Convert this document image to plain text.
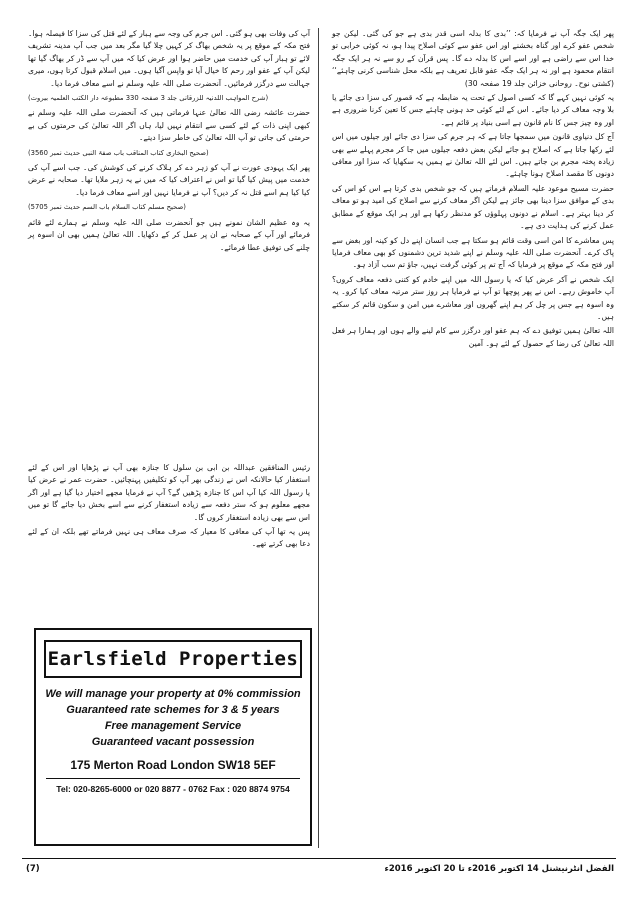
پھر ایک جگہ آپ نے فرمایا کہ: ’’بدی کا بدلہ اسی قدر بدی ہے جو کی گئی۔ لیکن جو شخص عفو کرے اور گناہ بخشنے اور اس عفو سے کوئی اصلاح پیدا ہو، نہ کوئی خرابی تو خدا اس سے راضی ہے اور اسے اس کا بدلہ دے گا۔ پس قرآن کے رو سے نہ ہر ایک جگہ انتقام محمود ہے اور نہ ہر ایک جگہ عفو قابل تعریف ہے بلکہ محل شناسی کرنی چاہئے‘‘ (کشتی نوح۔ روحانی خزائن جلد 19 صفحہ 30)

یہ کوئی نہیں کہے گا کہ کسی اصول کے تحت یہ ضابطہ ہے کہ قصور کی سزا دی جائے یا بلا وجہ معاف کر دیا جائے۔ اس کے لئے کوئی حد ہونی چاہئے جس کا تعین کرنا ضروری ہے اور وہ چیز جس کا نام قانون ہے اسی بنیاد پر قائم ہے۔

آج کل دنیاوی قانون میں سمجھا جاتا ہے کہ ہر جرم کی سزا دی جائے اور جیلوں میں اس لئے رکھا جاتا ہے کہ اصلاح ہو جائے لیکن بعض دفعہ جیلوں میں جا کر مجرم پہلے سے بھی زیادہ پختہ مجرم بن جاتے ہیں۔ اس لئے اللہ تعالیٰ نے ہمیں یہ سکھایا کہ سزا اور معافی دونوں کا مقصد اصلاح ہونا چاہئے۔

حضرت مسیح موعود علیہ السلام فرماتے ہیں کہ جو شخص بدی کرتا ہے اس کو اس کی بدی کے موافق سزا دینا بھی جائز ہے لیکن اگر معاف کرنے سے اصلاح کی امید ہو تو معاف کر دینا بہتر ہے۔ اسلام نے دونوں پہلوؤں کو مدنظر رکھا ہے اور ہر ایک موقع کے مطابق عمل کرنے کی ہدایت دی ہے۔

پس معاشرے کا امن اسی وقت قائم ہو سکتا ہے جب انسان اپنے دل کو کینہ اور بغض سے پاک کرے۔ آنحضرت صلی اللہ علیہ وسلم نے اپنے شدید ترین دشمنوں کو بھی معاف فرمایا اور فتح مکہ کے موقع پر فرمایا کہ آج تم پر کوئی گرفت نہیں، جاؤ تم سب آزاد ہو۔

ایک شخص نے آکر عرض کیا کہ یا رسول اللہ میں اپنے خادم کو کتنی دفعہ معاف کروں؟ آپ خاموش رہے۔ اس نے پھر پوچھا تو آپ نے فرمایا ہر روز ستر مرتبہ معاف کیا کرو۔ یہ وہ اسوہ ہے جس پر چل کر ہم اپنے گھروں اور معاشرے میں امن و سکون قائم کر سکتے ہیں۔

اللہ تعالیٰ ہمیں توفیق دے کہ ہم عفو اور درگزر سے کام لینے والے ہوں اور ہمارا ہر فعل اللہ تعالیٰ کی رضا کے حصول کے لئے ہو۔ آمین

آپ کی وفات بھی ہو گئی۔ اس جرم کی وجہ سے ہبار کے لئے قتل کی سزا کا فیصلہ ہوا۔ فتح مکہ کے موقع پر یہ شخص بھاگ کر کہیں چلا گیا مگر بعد میں جب آپ مدینہ تشریف لائے تو ہبار آپ کی خدمت میں حاضر ہوا اور عرض کیا کہ میں آپ سے ڈر کر بھاگ گیا تھا لیکن آپ کے عفو اور رحم کا خیال آیا تو واپس آگیا ہوں۔ میں اسلام قبول کرتا ہوں، میری جہالت سے درگزر فرمائیں۔ آنحضرت صلی اللہ علیہ وسلم نے اسے معاف فرما دیا۔

(شرح المواہب اللدنیہ للزرقانی جلد 3 صفحہ 330 مطبوعہ دار الکتب العلمیہ بیروت)

حضرت عائشہ رضی اللہ تعالیٰ عنہا فرماتی ہیں کہ آنحضرت صلی اللہ علیہ وسلم نے کبھی اپنی ذات کے لئے کسی سے انتقام نہیں لیا، ہاں اگر اللہ تعالیٰ کی حرمتوں کی بے حرمتی کی جاتی تو آپ اللہ تعالیٰ کی خاطر سزا دیتے۔

(صحیح البخاری کتاب المناقب باب صفۃ النبی حدیث نمبر 3560)

پھر ایک یہودی عورت نے آپ کو زہر دے کر ہلاک کرنے کی کوشش کی۔ جب اسے آپ کی خدمت میں پیش کیا گیا تو اس نے اعتراف کیا کہ میں نے یہ زہر ملایا تھا۔ صحابہ نے عرض کیا کیا ہم اسے قتل نہ کر دیں؟ آپ نے فرمایا نہیں اور اسے معاف فرما دیا۔

(صحیح مسلم کتاب السلام باب السم حدیث نمبر 5705)

یہ وہ عظیم الشان نمونے ہیں جو آنحضرت صلی اللہ علیہ وسلم نے ہمارے لئے قائم فرمائے اور آپ کے صحابہ نے ان پر عمل کر کے دکھایا۔ اللہ تعالیٰ ہمیں بھی ان اسوہ پر چلنے کی توفیق عطا فرمائے۔

رئیس المنافقین عبداللہ بن ابی بن سلول کا جنازہ بھی آپ نے پڑھایا اور اس کے لئے استغفار کیا حالانکہ اس نے زندگی بھر آپ کو تکلیفیں پہنچائیں۔ حضرت عمر نے عرض کیا یا رسول اللہ کیا آپ اس کا جنازہ پڑھیں گے؟ آپ نے فرمایا مجھے اختیار دیا گیا ہے اور اگر مجھے معلوم ہو کہ ستر دفعہ سے زیادہ استغفار کرنے سے اسے بخش دیا جائے گا تو میں اس سے بھی زیادہ استغفار کروں گا۔

پس یہ تھا آپ کی معافی کا معیار کہ صرف معاف ہی نہیں فرماتے تھے بلکہ ان کے لئے دعا بھی کرتے تھے۔

Earlsfield Properties
We will manage your property at 0% commission
Guaranteed rate schemes for 3 & 5 years
Free management Service
Guaranteed vacant possession
175 Merton Road London SW18 5EF
Tel: 020-8265-6000 or 020 8877 - 0762 Fax : 020 8874 9754
الفضل انٹرنیشنل 14 اکتوبر 2016ء تا 20 اکتوبر 2016ء
(7)
